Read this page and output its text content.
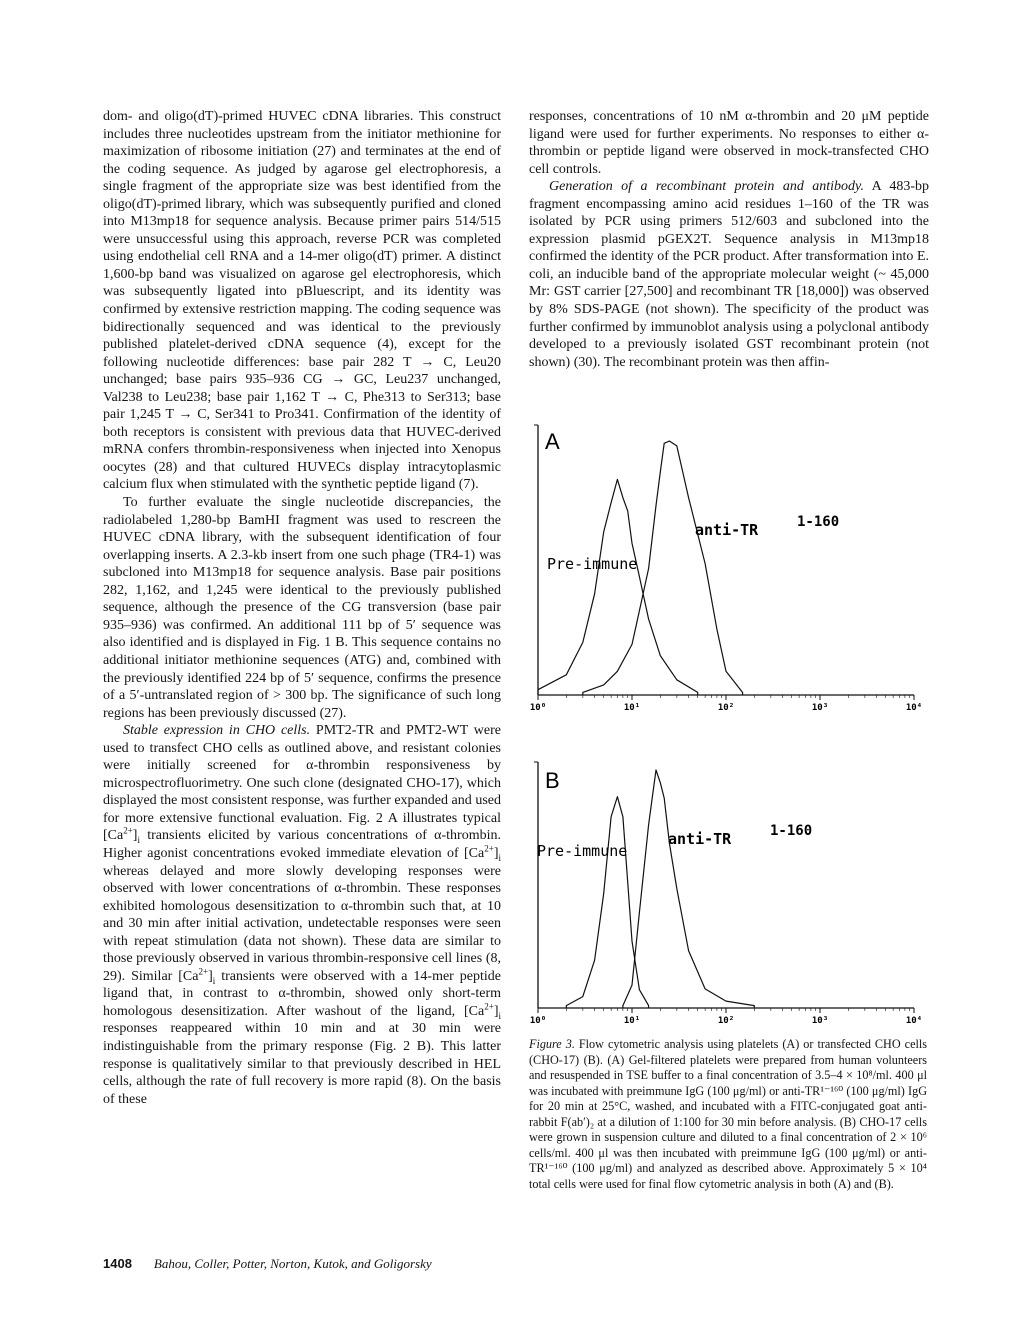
dom- and oligo(dT)-primed HUVEC cDNA libraries. This construct includes three nucleotides upstream from the initiator methionine for maximization of ribosome initiation (27) and terminates at the end of the coding sequence. As judged by agarose gel electrophoresis, a single fragment of the appropriate size was best identified from the oligo(dT)-primed library, which was subsequently purified and cloned into M13mp18 for sequence analysis. Because primer pairs 514/515 were unsuccessful using this approach, reverse PCR was completed using endothelial cell RNA and a 14-mer oligo(dT) primer. A distinct 1,600-bp band was visualized on agarose gel electrophoresis, which was subsequently ligated into pBluescript, and its identity was confirmed by extensive restriction mapping. The coding sequence was bidirectionally sequenced and was identical to the previously published platelet-derived cDNA sequence (4), except for the following nucleotide differences: base pair 282 T → C, Leu20 unchanged; base pairs 935–936 CG → GC, Leu237 unchanged, Val238 to Leu238; base pair 1,162 T → C, Phe313 to Ser313; base pair 1,245 T → C, Ser341 to Pro341. Confirmation of the identity of both receptors is consistent with previous data that HUVEC-derived mRNA confers thrombin-responsiveness when injected into Xenopus oocytes (28) and that cultured HUVECs display intracytoplasmic calcium flux when stimulated with the synthetic peptide ligand (7).

To further evaluate the single nucleotide discrepancies, the radiolabeled 1,280-bp BamHI fragment was used to rescreen the HUVEC cDNA library, with the subsequent identification of four overlapping inserts. A 2.3-kb insert from one such phage (TR4-1) was subcloned into M13mp18 for sequence analysis. Base pair positions 282, 1,162, and 1,245 were identical to the previously published sequence, although the presence of the CG transversion (base pair 935–936) was confirmed. An additional 111 bp of 5′ sequence was also identified and is displayed in Fig. 1 B. This sequence contains no additional initiator methionine sequences (ATG) and, combined with the previously identified 224 bp of 5′ sequence, confirms the presence of a 5′-untranslated region of > 300 bp. The significance of such long regions has been previously discussed (27).

Stable expression in CHO cells. PMT2-TR and PMT2-WT were used to transfect CHO cells as outlined above, and resistant colonies were initially screened for α-thrombin responsiveness by microspectrofluorimetry. One such clone (designated CHO-17), which displayed the most consistent response, was further expanded and used for more extensive functional evaluation. Fig. 2 A illustrates typical $[Ca^{2+}]_i$ transients elicited by various concentrations of α-thrombin. Higher agonist concentrations evoked immediate elevation of $[Ca^{2+}]_i$ whereas delayed and more slowly developing responses were observed with lower concentrations of α-thrombin. These responses exhibited homologous desensitization to α-thrombin such that, at 10 and 30 min after initial activation, undetectable responses were seen with repeat stimulation (data not shown). These data are similar to those previously observed in various thrombin-responsive cell lines (8, 29). Similar $[Ca^{2+}]_i$ transients were observed with a 14-mer peptide ligand that, in contrast to α-thrombin, showed only short-term homologous desensitization. After washout of the ligand, $[Ca^{2+}]_i$ responses reappeared within 10 min and at 30 min were indistinguishable from the primary response (Fig. 2 B). This latter response is qualitatively similar to that previously described in HEL cells, although the rate of full recovery is more rapid (8). On the basis of these

responses, concentrations of 10 nM α-thrombin and 20 μM peptide ligand were used for further experiments. No responses to either α-thrombin or peptide ligand were observed in mock-transfected CHO cell controls.

Generation of a recombinant protein and antibody. A 483-bp fragment encompassing amino acid residues 1–160 of the TR was isolated by PCR using primers 512/603 and subcloned into the expression plasmid pGEX2T. Sequence analysis in M13mp18 confirmed the identity of the PCR product. After transformation into E. coli, an inducible band of the appropriate molecular weight (~ 45,000 Mr: GST carrier [27,500] and recombinant TR [18,000]) was observed by 8% SDS-PAGE (not shown). The specificity of the product was further confirmed by immunoblot analysis using a polyclonal antibody developed to a previously isolated GST recombinant protein (not shown) (30). The recombinant protein was then affin-

10⁰	10¹	10²	10³	10⁴
A
Pre-immune
anti-TR	1-160
10⁰	10¹	10²	10³	10⁴
B
Pre-immune
anti-TR	1-160
Figure 3. Flow cytometric analysis using platelets (A) or transfected CHO cells (CHO-17) (B). (A) Gel-filtered platelets were prepared from human volunteers and resuspended in TSE buffer to a final concentration of 3.5–4 × 10⁸/ml. 400 μl was incubated with preimmune IgG (100 μg/ml) or anti-TR¹⁻¹⁶⁰ (100 μg/ml) IgG for 20 min at 25°C, washed, and incubated with a FITC-conjugated goat anti-rabbit F(ab′)₂ at a dilution of 1:100 for 30 min before analysis. (B) CHO-17 cells were grown in suspension culture and diluted to a final concentration of 2 × 10⁶ cells/ml. 400 μl was then incubated with preimmune IgG (100 μg/ml) or anti-TR¹⁻¹⁶⁰ (100 μg/ml) and analyzed as described above. Approximately 5 × 10⁴ total cells were used for final flow cytometric analysis in both (A) and (B).
1408 Bahou, Coller, Potter, Norton, Kutok, and Goligorsky
